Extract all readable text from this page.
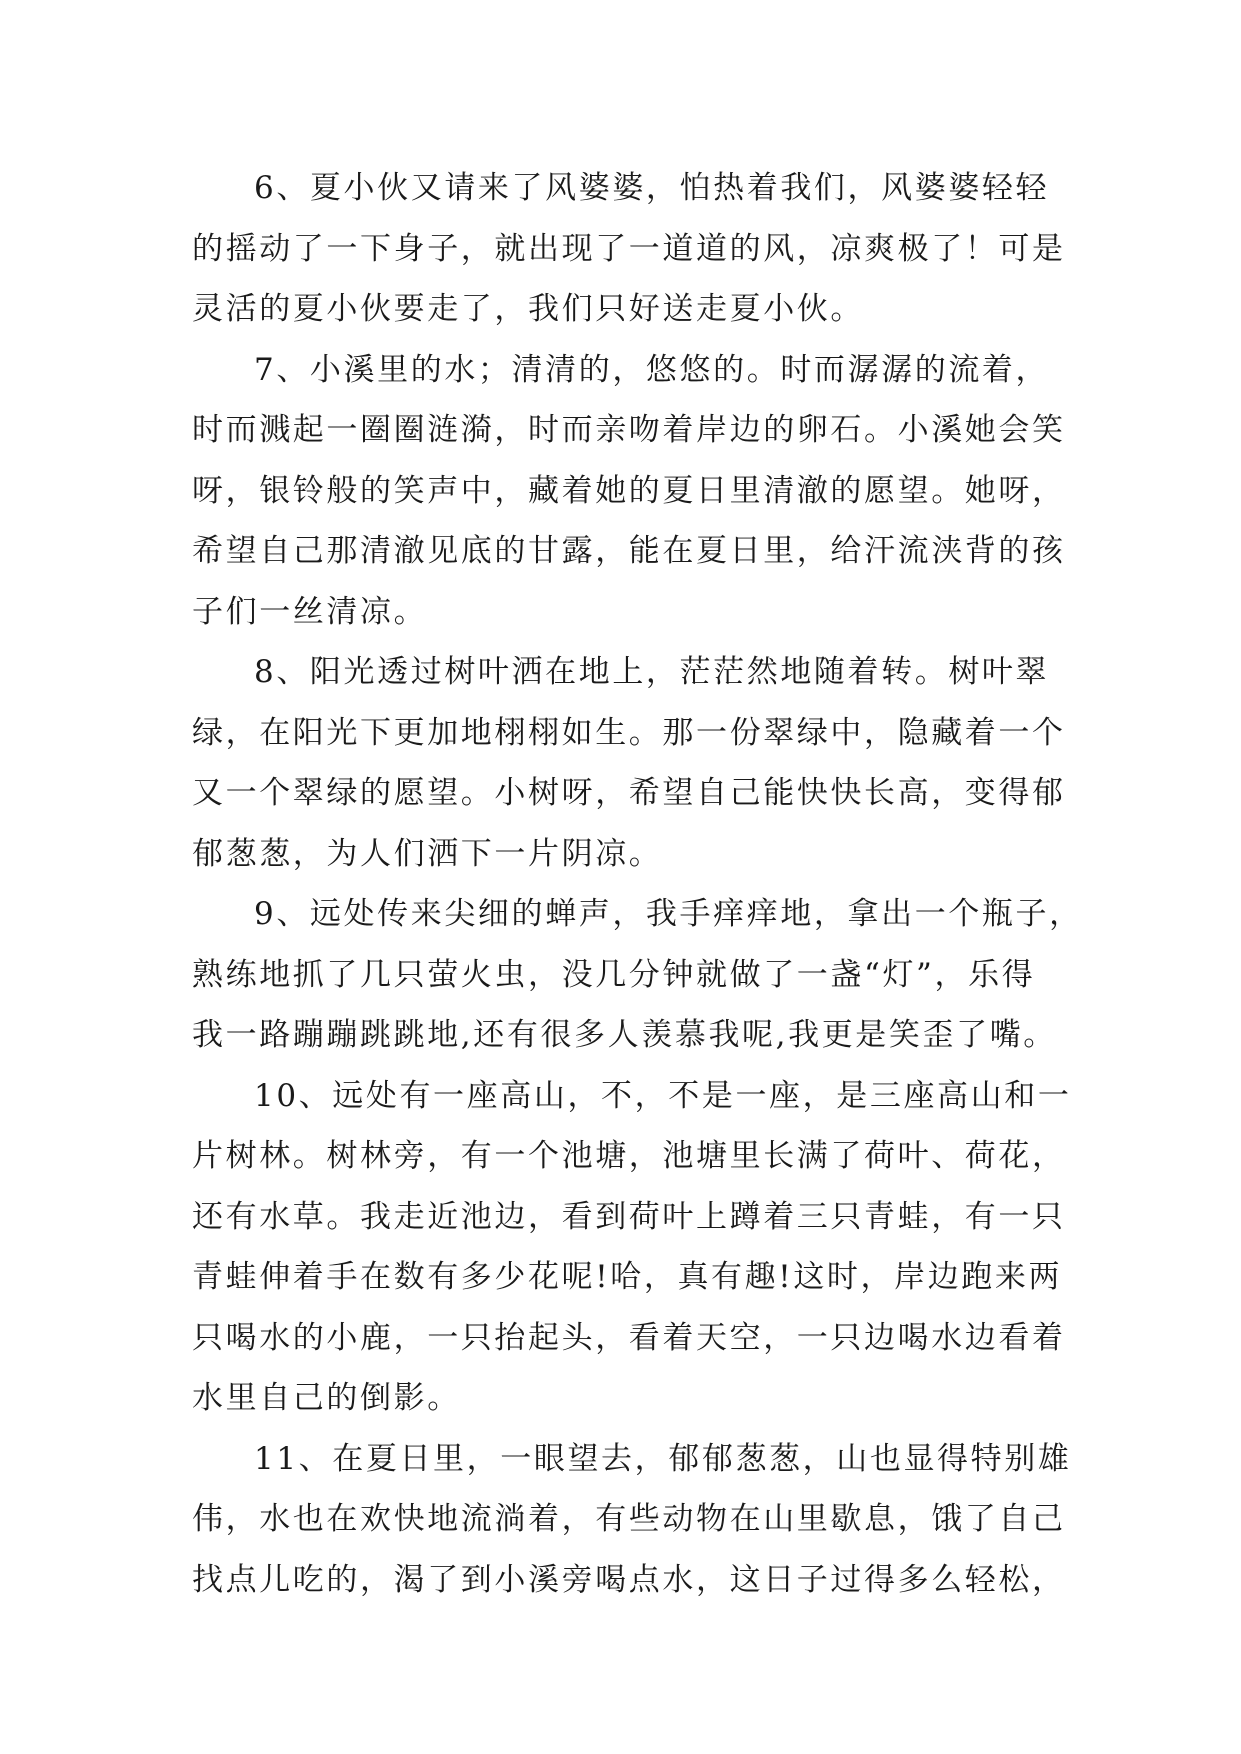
6、夏小伙又请来了风婆婆，怕热着我们，风婆婆轻轻
的摇动了一下身子，就出现了一道道的风，凉爽极了！可是
灵活的夏小伙要走了，我们只好送走夏小伙。

7、小溪里的水；清清的，悠悠的。时而潺潺的流着，
时而溅起一圈圈涟漪，时而亲吻着岸边的卵石。小溪她会笑
呀，银铃般的笑声中，藏着她的夏日里清澈的愿望。她呀，
希望自己那清澈见底的甘露，能在夏日里，给汗流浃背的孩
子们一丝清凉。

8、阳光透过树叶洒在地上，茫茫然地随着转。树叶翠
绿，在阳光下更加地栩栩如生。那一份翠绿中，隐藏着一个
又一个翠绿的愿望。小树呀，希望自己能快快长高，变得郁
郁葱葱，为人们洒下一片阴凉。

9、远处传来尖细的蝉声，我手痒痒地，拿出一个瓶子，
熟练地抓了几只萤火虫，没几分钟就做了一盏“灯”，乐得
我一路蹦蹦跳跳地,还有很多人羡慕我呢,我更是笑歪了嘴。

10、远处有一座高山，不，不是一座，是三座高山和一
片树林。树林旁，有一个池塘，池塘里长满了荷叶、荷花，
还有水草。我走近池边，看到荷叶上蹲着三只青蛙，有一只
青蛙伸着手在数有多少花呢!哈，真有趣!这时，岸边跑来两
只喝水的小鹿，一只抬起头，看着天空，一只边喝水边看着
水里自己的倒影。

11、在夏日里，一眼望去，郁郁葱葱，山也显得特别雄
伟，水也在欢快地流淌着，有些动物在山里歇息，饿了自己
找点儿吃的，渴了到小溪旁喝点水，这日子过得多么轻松，
